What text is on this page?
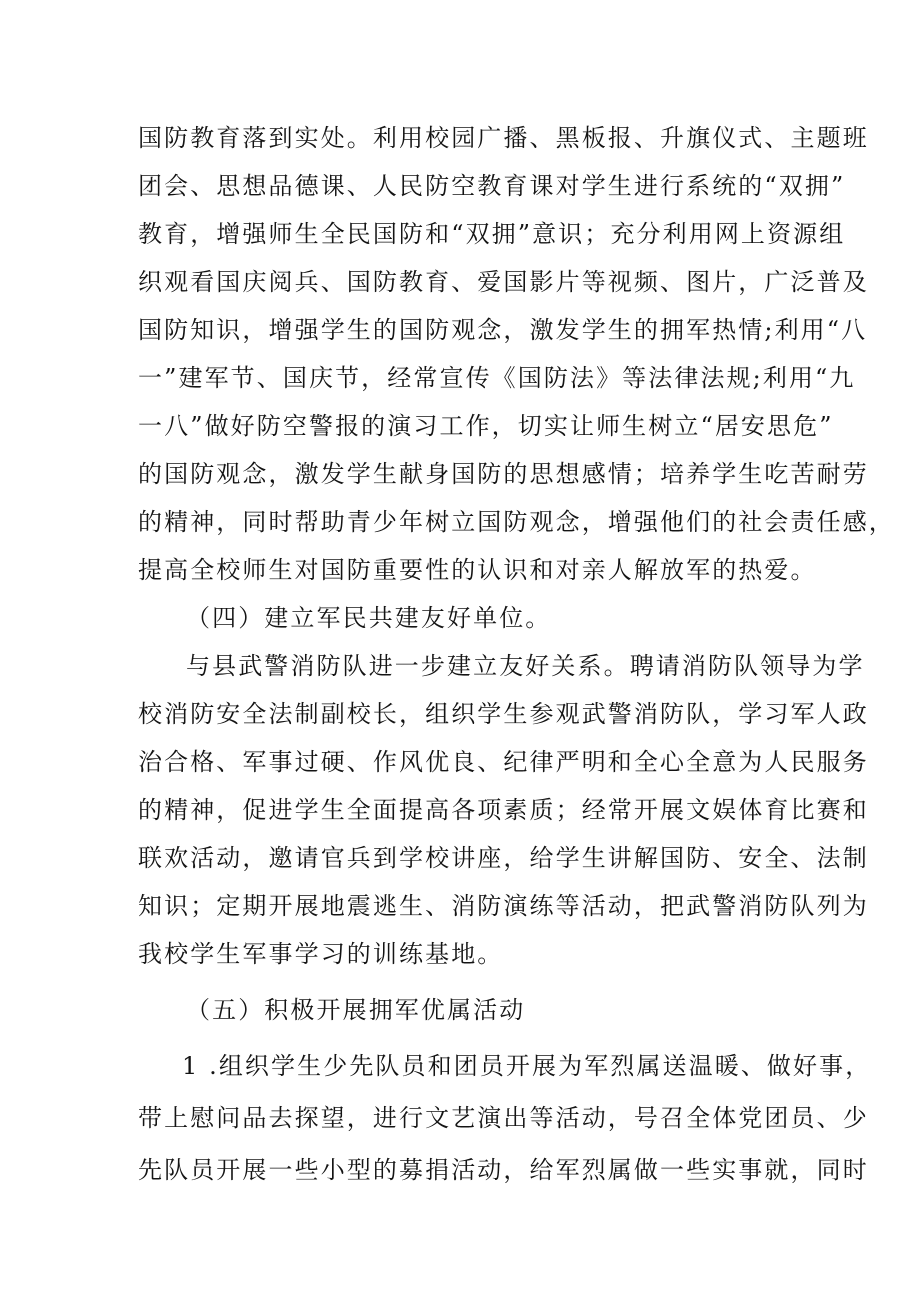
国防教育落到实处。利用校园广播、黑板报、升旗仪式、主题班
团会、思想品德课、人民防空教育课对学生进行系统的“双拥”
教育，增强师生全民国防和“双拥”意识；充分利用网上资源组
织观看国庆阅兵、国防教育、爱国影片等视频、图片，广泛普及
国防知识，增强学生的国防观念，激发学生的拥军热情;利用“八
一”建军节、国庆节，经常宣传《国防法》等法律法规;利用“九
一八”做好防空警报的演习工作，切实让师生树立“居安思危”
的国防观念，激发学生献身国防的思想感情；培养学生吃苦耐劳
的精神，同时帮助青少年树立国防观念，增强他们的社会责任感，
提高全校师生对国防重要性的认识和对亲人解放军的热爱。
（四）建立军民共建友好单位。
与县武警消防队进一步建立友好关系。聘请消防队领导为学
校消防安全法制副校长，组织学生参观武警消防队，学习军人政
治合格、军事过硬、作风优良、纪律严明和全心全意为人民服务
的精神，促进学生全面提高各项素质；经常开展文娱体育比赛和
联欢活动，邀请官兵到学校讲座，给学生讲解国防、安全、法制
知识；定期开展地震逃生、消防演练等活动，把武警消防队列为
我校学生军事学习的训练基地。
（五）积极开展拥军优属活动
1 .组织学生少先队员和团员开展为军烈属送温暖、做好事，
带上慰问品去探望，进行文艺演出等活动，号召全体党团员、少
先队员开展一些小型的募捐活动，给军烈属做一些实事就，同时
